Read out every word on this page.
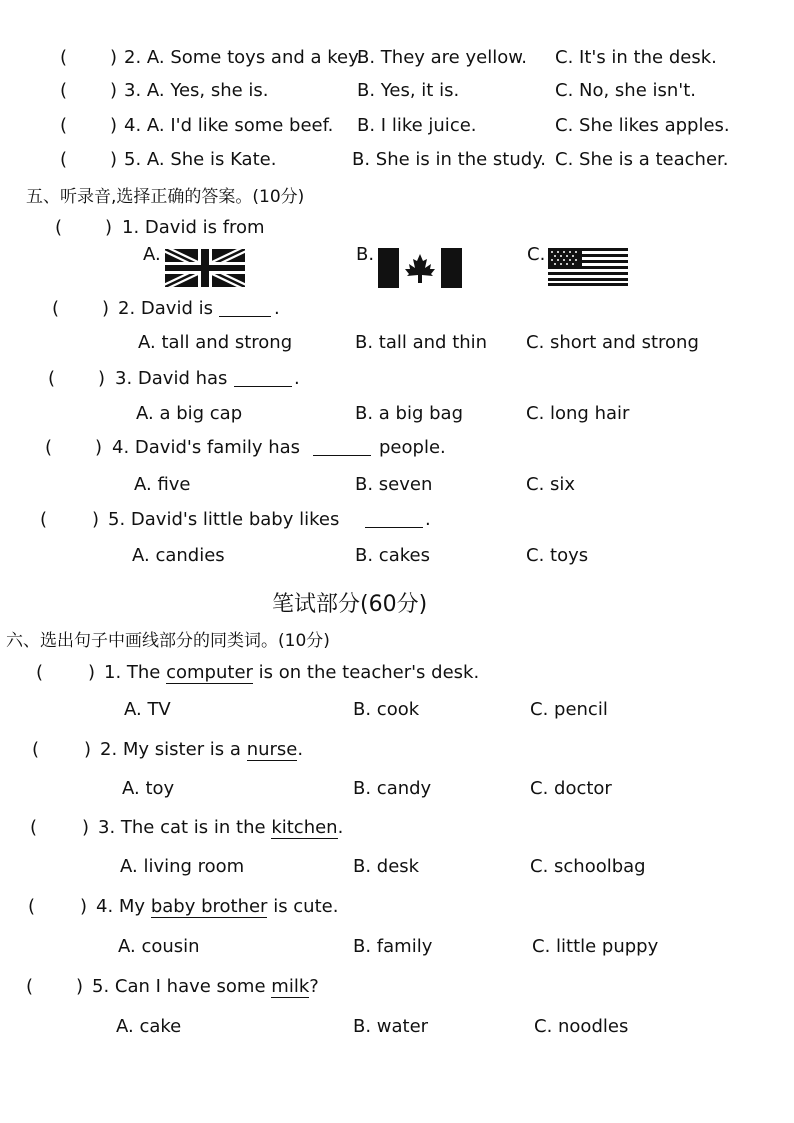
( ) 2. A. Some toys and a key.
B. They are yellow. C. It's in the desk.
( ) 3. A. Yes, she is.	B. Yes, it is.	C. No, she isn't.
( ) 4. A. I'd like some beef. B. I like juice.	C. She likes apples.
( ) 5. A. She is Kate.	B. She is in the study. C. She is a teacher.
五、听录音,选择正确的答案。(10分)
( ) 1. David is from
A.	B.	C.
( ) 2. David is	.
A. tall and strong	B. tall and thin C. short and strong
( ) 3. David has	.
A. a big cap	B. a big bag	C. long hair
( ) 4. David's family has	people.
A. five	B. seven	C. six
( ) 5. David's little baby likes	.
A. candies	B. cakes	C. toys
笔试部分(60分)
六、选出句子中画线部分的同类词。(10分)
( ) 1. The computer is on the teacher's desk.
A. TV	B. cook	C. pencil
( ) 2. My sister is a nurse.
A. toy	B. candy	C. doctor
( ) 3. The cat is in the kitchen.
A. living room	B. desk	C. schoolbag
( ) 4. My baby brother is cute.
A. cousin	B. family	C. little puppy
( ) 5. Can I have some milk?
A. cake	B. water	C. noodles
